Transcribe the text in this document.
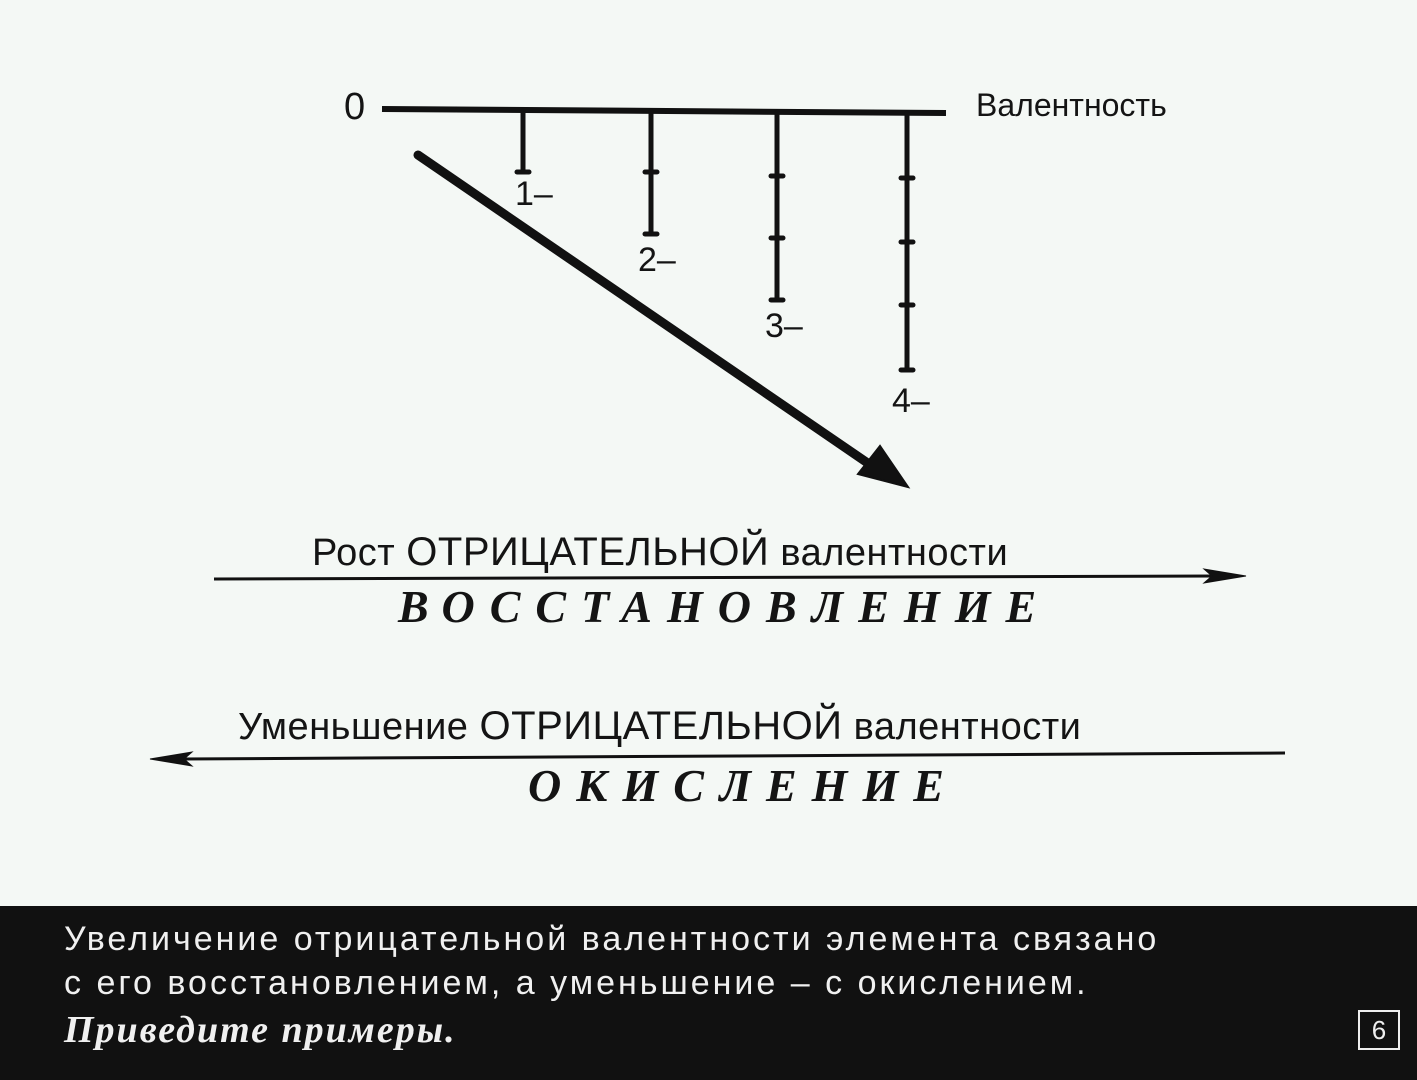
0	Валентность
1–
2–
3–
4–
Рост ОТРИЦАТЕЛЬНОЙ валентности
ВОССТАНОВЛЕНИЕ
Уменьшение ОТРИЦАТЕЛЬНОЙ валентности
ОКИСЛЕНИЕ
Увеличение отрицательной валентности элемента связано
с его восстановлением, а уменьшение – с окислением.
Приведите примеры.	6
